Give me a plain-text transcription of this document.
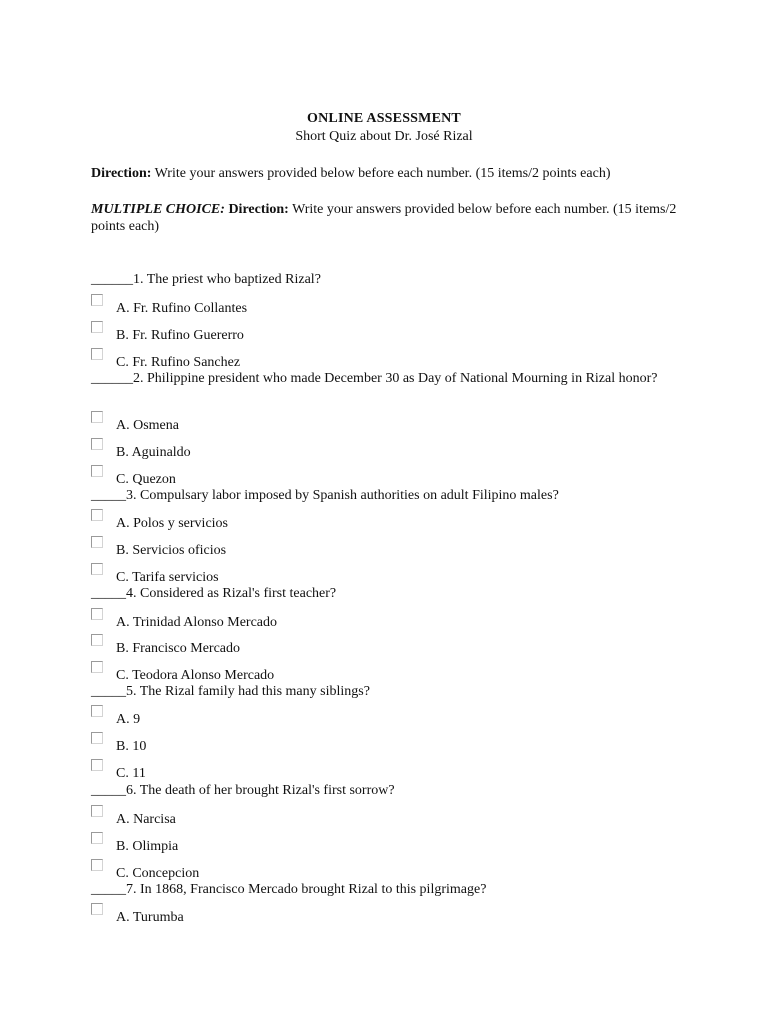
ONLINE ASSESSMENT
Short Quiz about Dr. José Rizal
Direction: Write your answers provided below before each number. (15 items/2 points each)
MULTIPLE CHOICE: Direction: Write your answers provided below before each number. (15 items/2 points each)
______1. The priest who baptized Rizal?
A. Fr. Rufino Collantes
B. Fr. Rufino Guererro
C. Fr. Rufino Sanchez
______2. Philippine president who made December 30 as Day of National Mourning in Rizal honor?
A. Osmena
B. Aguinaldo
C. Quezon
_____3. Compulsary labor imposed by Spanish authorities on adult Filipino males?
A. Polos y servicios
B. Servicios oficios
C. Tarifa servicios
_____4. Considered as Rizal's first teacher?
A. Trinidad Alonso Mercado
B. Francisco Mercado
C. Teodora Alonso Mercado
_____5. The Rizal family had this many siblings?
A. 9
B. 10
C. 11
_____6. The death of her brought Rizal's first sorrow?
A. Narcisa
B. Olimpia
C. Concepcion
_____7. In 1868, Francisco Mercado brought Rizal to this pilgrimage?
A. Turumba
